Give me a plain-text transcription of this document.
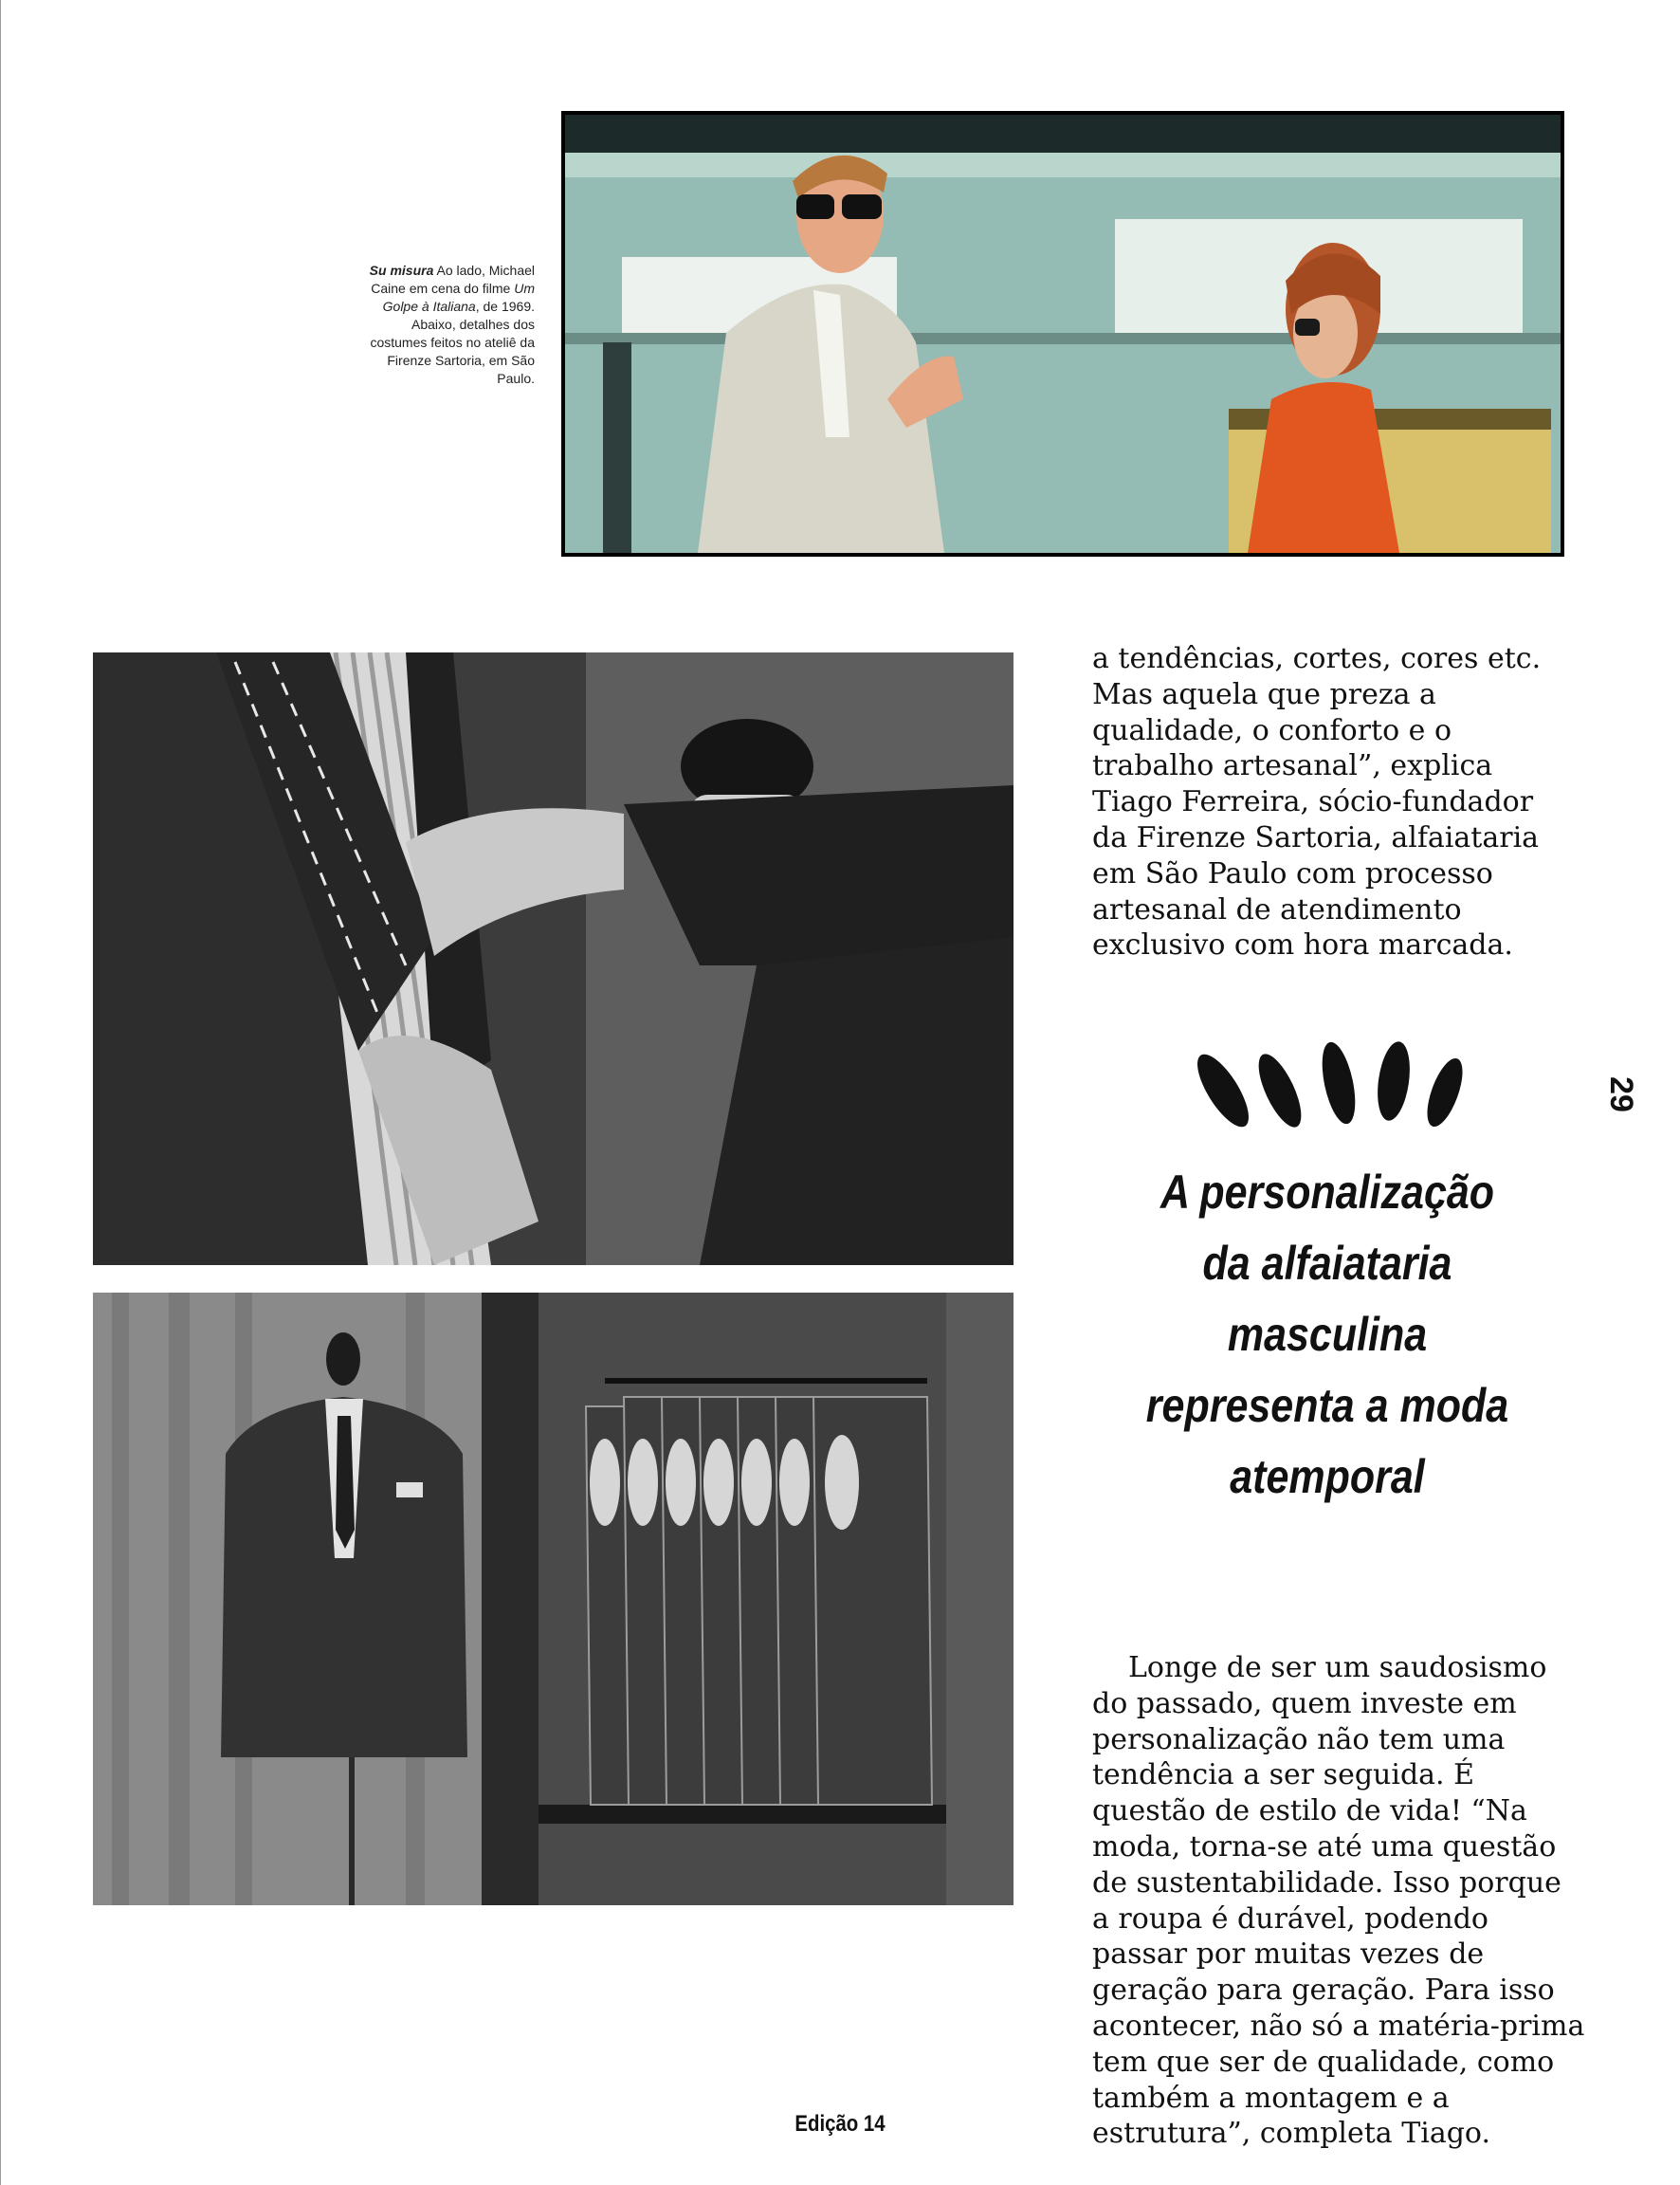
Su misura Ao lado, Michael Caine em cena do filme Um Golpe à Italiana, de 1969. Abaixo, detalhes dos costumes feitos no ateliê da Firenze Sartoria, em São Paulo.

a tendências, cortes, cores etc. Mas aquela que preza a qualidade, o conforto e o trabalho artesanal”, explica Tiago Ferreira, sócio-fundador da Firenze Sartoria, alfaiataria em São Paulo com processo artesanal de atendimento exclusivo com hora marcada.

A personalização
da alfaiataria
masculina
representa a moda
atemporal
29

Longe de ser um saudosismo do passado, quem investe em personalização não tem uma tendência a ser seguida. É questão de estilo de vida! “Na moda, torna-se até uma questão de sustentabilidade. Isso porque a roupa é durável, podendo passar por muitas vezes de geração para geração. Para isso acontecer, não só a matéria-prima tem que ser de qualidade, como também a montagem e a estrutura”, completa Tiago.

Edição 14
